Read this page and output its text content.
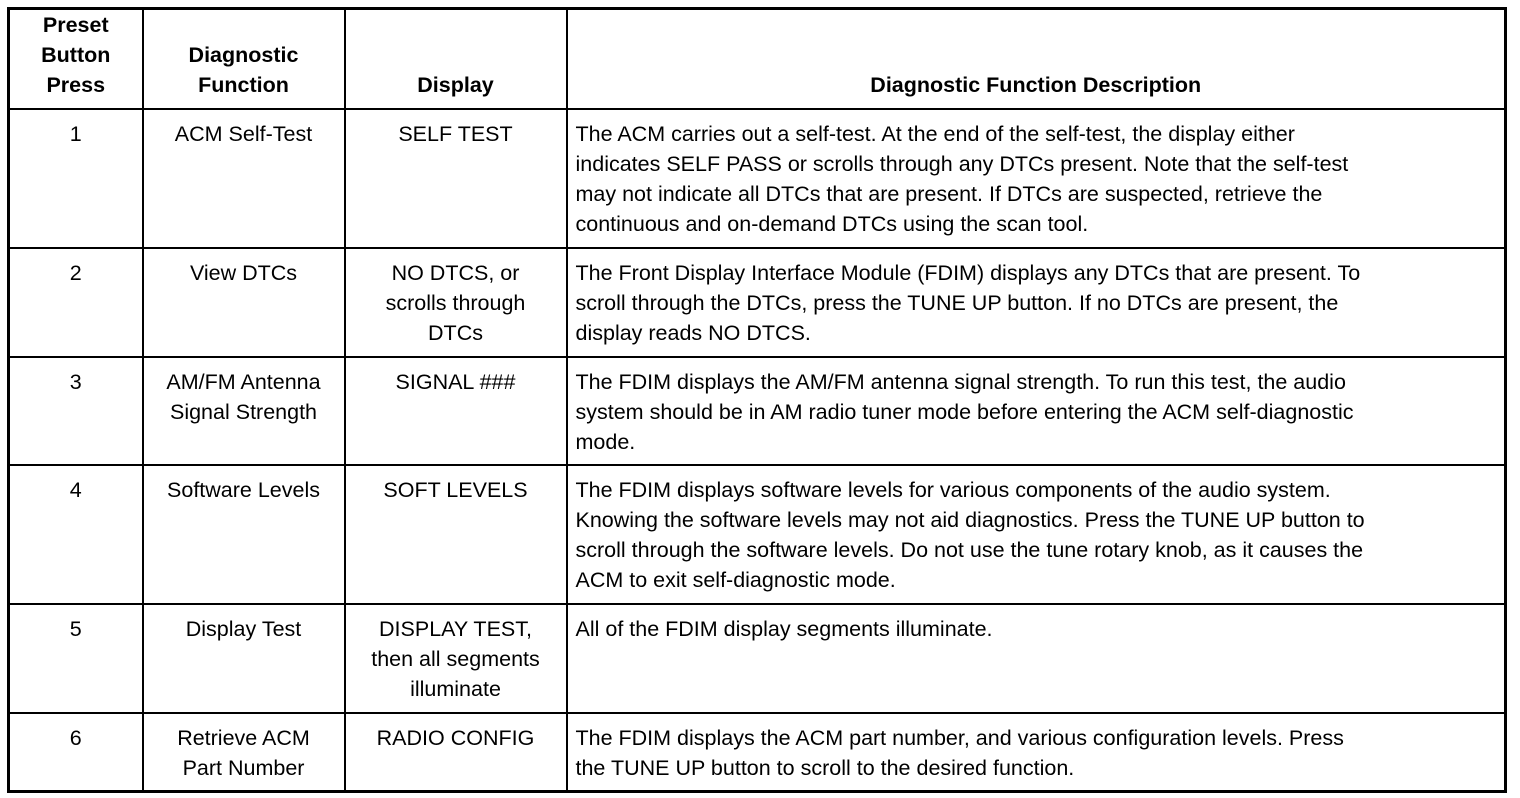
Preset
Button
Press	Diagnostic
Function	Display	Diagnostic Function Description

1	ACM Self-Test	SELF TEST	The ACM carries out a self-test. At the end of the self-test, the display either
indicates SELF PASS or scrolls through any DTCs present. Note that the self-test
may not indicate all DTCs that are present. If DTCs are suspected, retrieve the
continuous and on-demand DTCs using the scan tool.

2	View DTCs	NO DTCS, or
scrolls through
DTCs	The Front Display Interface Module (FDIM) displays any DTCs that are present. To
scroll through the DTCs, press the TUNE UP button. If no DTCs are present, the
display reads NO DTCS.

3	AM/FM Antenna
Signal Strength	SIGNAL ###	The FDIM displays the AM/FM antenna signal strength. To run this test, the audio
system should be in AM radio tuner mode before entering the ACM self-diagnostic
mode.

4	Software Levels	SOFT LEVELS	The FDIM displays software levels for various components of the audio system.
Knowing the software levels may not aid diagnostics. Press the TUNE UP button to
scroll through the software levels. Do not use the tune rotary knob, as it causes the
ACM to exit self-diagnostic mode.

5	Display Test	DISPLAY TEST,
then all segments
illuminate	All of the FDIM display segments illuminate.

6	Retrieve ACM
Part Number	RADIO CONFIG	The FDIM displays the ACM part number, and various configuration levels. Press
the TUNE UP button to scroll to the desired function.
